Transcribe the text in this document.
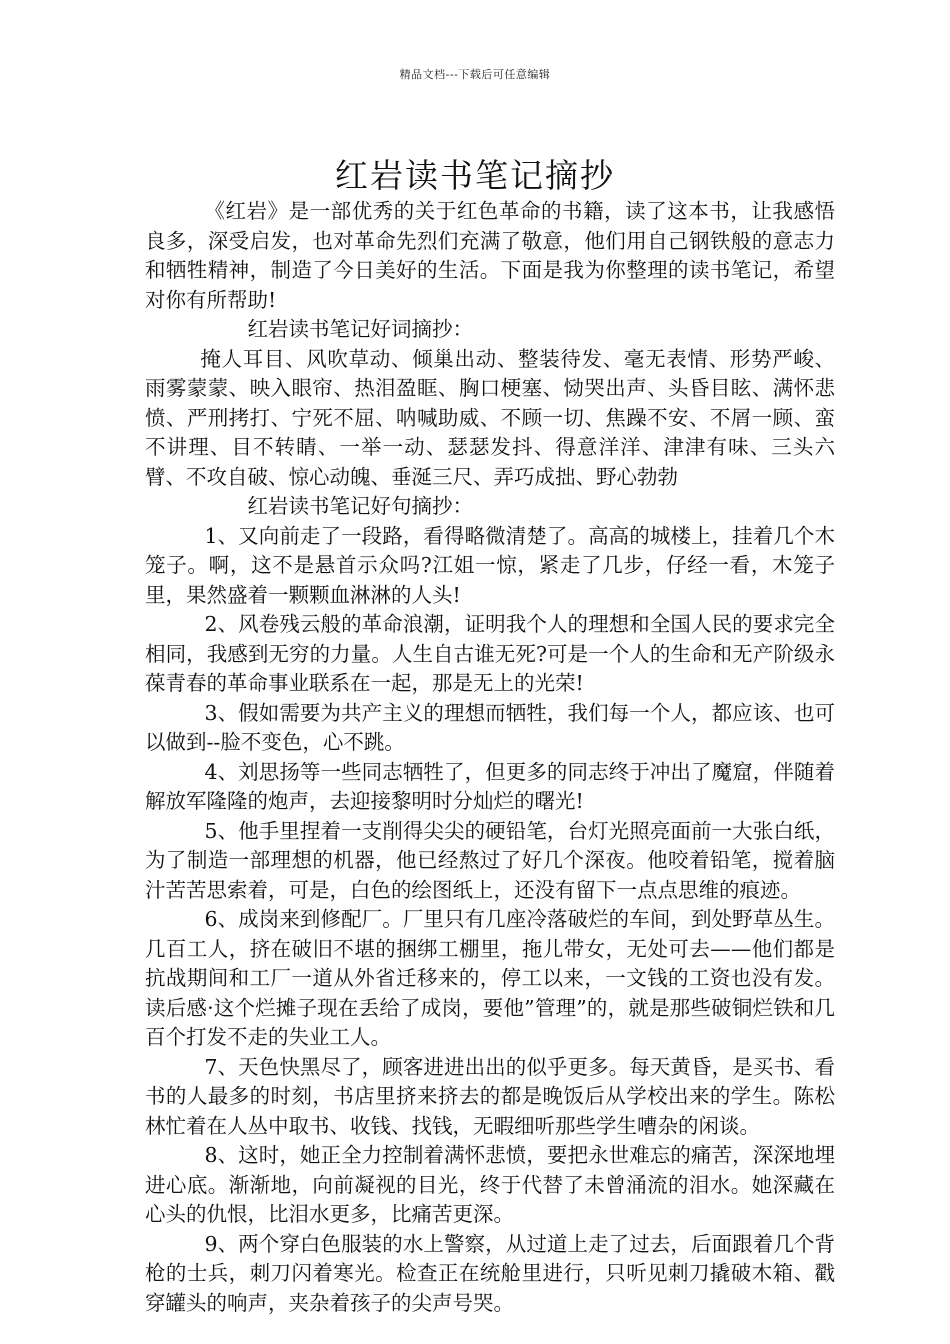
精品文档---下载后可任意编辑
红岩读书笔记摘抄

《红岩》是一部优秀的关于红色革命的书籍，读了这本书，让我感悟良多，深受启发，也对革命先烈们充满了敬意，他们用自己钢铁般的意志力和牺牲精神，制造了今日美好的生活。下面是我为你整理的读书笔记，希望对你有所帮助!

红岩读书笔记好词摘抄：

掩人耳目、风吹草动、倾巢出动、整装待发、毫无表情、形势严峻、雨雾蒙蒙、映入眼帘、热泪盈眶、胸口梗塞、恸哭出声、头昏目眩、满怀悲愤、严刑拷打、宁死不屈、呐喊助威、不顾一切、焦躁不安、不屑一顾、蛮不讲理、目不转睛、一举一动、瑟瑟发抖、得意洋洋、津津有味、三头六臂、不攻自破、惊心动魄、垂涎三尺、弄巧成拙、野心勃勃

红岩读书笔记好句摘抄：

1、又向前走了一段路，看得略微清楚了。高高的城楼上，挂着几个木笼子。啊，这不是悬首示众吗?江姐一惊，紧走了几步，仔经一看，木笼子里，果然盛着一颗颗血淋淋的人头!

2、风卷残云般的革命浪潮，证明我个人的理想和全国人民的要求完全相同，我感到无穷的力量。人生自古谁无死?可是一个人的生命和无产阶级永葆青春的革命事业联系在一起，那是无上的光荣!

3、假如需要为共产主义的理想而牺牲，我们每一个人，都应该、也可以做到--脸不变色，心不跳。

4、刘思扬等一些同志牺牲了，但更多的同志终于冲出了魔窟，伴随着解放军隆隆的炮声，去迎接黎明时分灿烂的曙光!

5、他手里捏着一支削得尖尖的硬铅笔，台灯光照亮面前一大张白纸，为了制造一部理想的机器，他已经熬过了好几个深夜。他咬着铅笔，搅着脑汁苦苦思索着，可是，白色的绘图纸上，还没有留下一点点思维的痕迹。

6、成岗来到修配厂。厂里只有几座冷落破烂的车间，到处野草丛生。几百工人，挤在破旧不堪的捆绑工棚里，拖儿带女，无处可去——他们都是抗战期间和工厂一道从外省迁移来的，停工以来，一文钱的工资也没有发。读后感·这个烂摊子现在丢给了成岗，要他”管理”的，就是那些破铜烂铁和几百个打发不走的失业工人。

7、天色快黑尽了，顾客进进出出的似乎更多。每天黄昏，是买书、看书的人最多的时刻，书店里挤来挤去的都是晚饭后从学校出来的学生。陈松林忙着在人丛中取书、收钱、找钱，无暇细听那些学生嘈杂的闲谈。

8、这时，她正全力控制着满怀悲愤，要把永世难忘的痛苦，深深地埋进心底。渐渐地，向前凝视的目光，终于代替了未曾涌流的泪水。她深藏在心头的仇恨，比泪水更多，比痛苦更深。

9、两个穿白色服装的水上警察，从过道上走了过去，后面跟着几个背枪的士兵，刺刀闪着寒光。检查正在统舱里进行，只听见刺刀撬破木箱、戳穿罐头的响声，夹杂着孩子的尖声号哭。
